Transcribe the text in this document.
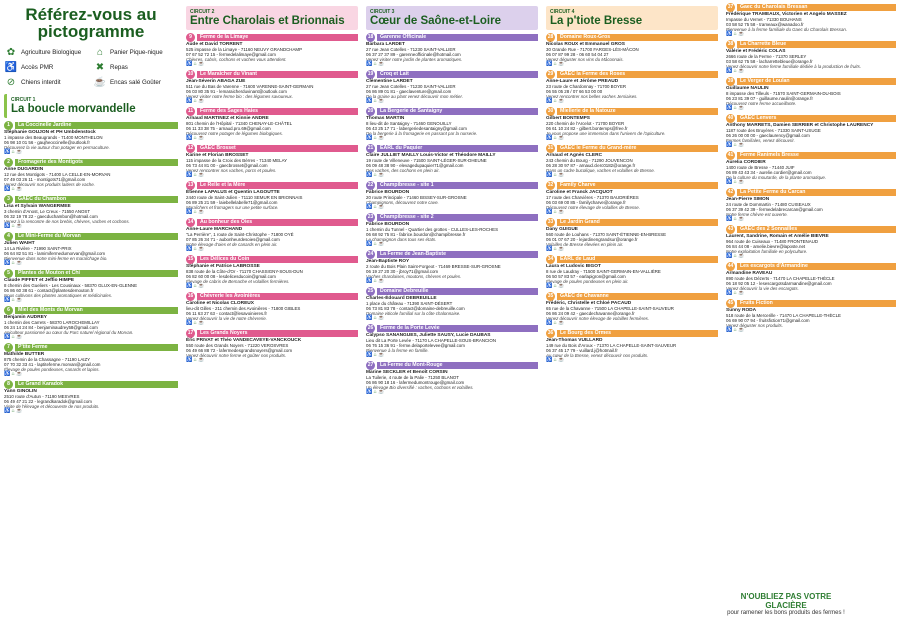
Référez-vous au pictogramme
✿ Agriculture Biologique	⌂	Panier Pique-nique
♿ Accès PMR	✖ Repas
⊘ Chiens interdit	☕ Encas salé Goûter
CIRCUIT 1
La boucle morvandelle
1	La Coccinelle Jardine
Stéphanie GOUJON et PH Umbdenstock
1 impasse des Beaugrands - 71400 MONTHELON
06 98 10 01 56 - gaujheoccinelle@outlook.fr
Découvrez la vie autour d'un potager en permaculture.
♿ ⌂ ☕
2	Fromagerie des Montigots
Anne DUGARDIN
12 rue des Montigots - 71400 LA CELLE-EN-MORVAN
07 49 03 26 11 - montigots71@gmail.com
Venez découvrir nos produits laitiers de vache.
♿ ⌂ ☕
3	GAEC du Chambon
Lisa et Sylvain WANGERMEE
3 chemin d'Anost, Le Creux - 71550 ANOST
06 32 19 78 22 - gaecduchambon@hotmail.com
Venez à la rencontre de nos brebis, chèvres, vaches et cochons.
♿ ⌂ ☕
4	Le Mini-Ferme du Morvan
Julien WAIHT
14 La Rivière - 71990 SAINT-PRIX
06 64 82 51 81 - lamimifermedumorvan@gmail.com
Bienvenue dans notre mini-ferme en maraîchage bio.
♿ ⌂ ☕
5	Plantes de Mouton et Chi
Claude PIFFET et Jeffio HIMPE
8 chemin des Gueliers - Les Cousinaux - 58370 GLUX-EN-GLENNE
06 86 60 38 61 - contact@plantesdemouton.fr
Nous cultivons des plantes aromatiques et médicinales.
♿ ⌂ ☕
6	Miel des Monts du Morvan
Benjamin AUDREY
1 chemin des Carrets - 58370 LAROCHEMILLAY
06 24 14 24 84 - benjaminaudrey58@gmail.com
Apiculteur passionné au cœur du Parc naturel régional du Morvan.
♿ ⌂ ☕
7	P'tite Ferme
Mathilde BUTTER
875 chemin de la Chassagne - 71190 LAIZY
07 70 32 33 41 - laptiteferme.morvan@gmail.com
Élevage de poules pondeuses, canards et lapins.
♿ ⌂ ☕
8	Le Grand Karadok
Yann GINOLIN
2510 route d'Autun - 71190 MESVRES
06 49 47 21 22 - legrandkaradok@gmail.com
Visite de l'élevage et découverte de nos produits.
♿ ⌂ ☕
CIRCUIT 2
Entre Charolais et Brionnais
9	Ferme de la Limaye
Aude et David TORRENT
525 impasse de la Limaye - 71160 NEUVY GRANDCHAMP
07 67 52 72 15 - fermedelalimaye@gmail.com
Chèvres, cabris, cochons et vaches vous attendent.
♿ ⌂ ☕
10	Le Maraîcher du Vinant
Jean-Séverin ABAGA ZUE
511 rue du Bas de Varenne - 71600 VARENNE-SAINT-GERMAIN
06 03 80 35 91 - lemaraicherduvinant@outlook.com
Venez visiter notre ferme bio : des légumes savoureux.
♿ ⌂ ☕
11	Ferme des Sages Haies
Arnaud MARTINEZ et Kinnie ANDRE
801 chemin de l'Hôpital - 71340 CHENAY-LE-CHÂTEL
06 11 33 38 75 - arnaud.pro.69@gmail.com
Découvrez notre potager de légumes biologiques.
♿ ⌂ ☕
12	GAEC Brosset
Karine et Florian BROSSET
115 impasse de la Croix des Bèrres - 71340 MELAY
06 73 44 81 00 - gaecbrosset@gmail.com
Venez rencontrer nos vaches, porcs et poules.
♿ ⌂ ☕
13	Le Relle et la Mère
Étienne LAPALUS et Quentin LAGOUTTE
2440 route de Saint-Julien - 71110 SEMUR EN BRIONNAIS
06 89 25 21 59 - laiebellelabelle71@gmail.com
Maraîchers et fromagers sur une petite surface.
♿ ⌂ ☕
14	Au bonheur des Oies
Anne-Laure MARCHAND
"La Perrière", 1 route de Saint-Christophe - 71800 OYÉ
07 85 26 34 71 - aubonheurdesoies@gmail.com
Notre élevage d'oies et de canards en plein air.
♿ ⌂ ☕
15	Les Délices du Coin
Stéphanie et Patrice LABROSSE
838 route de la Côte-d'Or - 71170 CHASSIGNY-SOUS-DUN
06 82 60 00 08 - lesdelicesducoin@gmail.com
Élevage de cabris de Bernache et volailles fermières.
♿ ⌂ ☕
16	Chèvrerie les Avoinières
Caroline et Nicolas CLOREUX
lieu-dit Gilles - 211 chemin des Avoinières - 71800 GIBLES
06 11 63 27 63 - contact@lesavoinieres.fr
Venez découvrir la vie de notre chèvrerie.
♿ ⌂ ☕
17	Les Grands Noyers
Éric PRIVAT et Théo VANDECAVEYE-VANCKOUCK
550 route des Grands Noyers - 71220 VEROSVRES
06 49 66 88 72 - lafermedesgrandsnoyers@gmail.com
Venez découvrir notre ferme et goûter nos produits.
♿ ⌂ ☕
CIRCUIT 3
Cœur de Saône-et-Loire
18	Garenne Officinale
Barbara LARDET
27 rue Jean Cotelles - 71230 SAINT-VALLIER
06 37 27 37 89 - garenneofficinale@hotmail.com
Venez visiter notre jardin de plantes aromatiques.
♿ ⌂ ☕
19	Croq et Lait
Clémentine LARDET
27 rue Jean Cotelles - 71230 SAINT-VALLIER
06 86 89 01 81 - gaeclaventure@gmail.com
De la graine au plant venez découvrir mon métier.
♿ ⌂ ☕
20	La Bergerie de Santaigny
Thomas MARTIN
8 lieu-dit de Santaigny - 71460 GENOUILLY
06 43 25 17 71 - labergeriedesantaigny@gmail.com
De la bergerie à la fromagerie en passant par la nurserie.
♿ ⌂ ☕
21	EARL du Paquier
Claire JULLIET MAILLY Louis-Victor et Théodore MAILLY
19 route de Villeneuve - 71500 SAINT-LÉGER-SUR-DHEUNE
06 09 48 38 90 - elevagedupaquier71@gmail.com
Des vaches, des cochons en plein air.
♿ ⌂ ☕
22	Champibresse - site 1
Fabrice BOURDON
20 route Principale - 71460 BISSEY-SUR-GROSNE
Champignons, découvrez notre cave.
♿ ⌂ ☕
23	Champibresse - site 2
Fabrice BOURDON
1 chemin du Tunnel - Quartier des grottes - CULLES-LES-ROCHES
06 68 92 75 81 - fabrice.bourdon@champibresse.fr
Le champignon dans tous ses états.
♿ ⌂ ☕
24	La Ferme de Jean-Baptiste
Jean-Baptiste ROY
2 route du Bois Plain Saint-Forgeot - 71469 BRESSE-SUR-GROSNE
06 19 27 20 30 - jbroy71@gmail.com
Vaches charolaises, moutons, chèvres et poules.
♿ ⌂ ☕
25	Domaine Debreuille
Charles-Édouard DEBREUILLE
1 place du château - 71390 SAINT-DÉSERT
06 73 81 83 78 - contact@domaine-debreuille.com
Domaine viticole familial sur la côte chalonnaise.
♿ ⌂ ☕
26	Ferme de la Porte Levée
Calypso SANANGUES, Juliette SAUSY, Lucie DAUBAS
Lieu dit La Porte Levée - 71170 LA CHAPELLE-SOUS-BRANCION
06 76 15 36 91 - ferme.delaportelevee@gmail.com
Bienvenue à la ferme en famille.
♿ ⌂ ☕
27	La Ferme du Mont-Rouge
Marine SECKLER et Benoît CORSIN
La Tuilerie, 4 route de la Palie - 71250 BLANOT
06 86 90 18 16 - lafermedumontrouge@gmail.com
Un élevage Bio diversifié : vaches, cochons et volailles.
♿ ⌂ ☕
CIRCUIT 4
La p'tiote Bresse
28	Domaine Roux-Gros
Nicolas ROUX et Emmanuel GROS
30 Grande Rue - 71700 FARGES-LÈS-MÂCON
06 07 87 99 28 - 06 60 54 04 27
Venez déguster nos vins du Mâconnais.
♿ ⌂ ☕
29	GAEC la Ferme des Roses
Anne-Laure et Jérôme PREAUD
23 route de Chardonnay - 71700 BOYER
06 55 05 28 / 07 66 53 00 00
Venez rencontrer nos belles vaches Jersiaises.
♿ ⌂ ☕
30	Miellerie de la Natouze
Gilbert BONTEMPS
220 chemin de l'Arcelot - 71700 BOYER
06 61 10 24 82 - gilbert.bontemps@free.fr
Je vous propose une immersion dans l'univers de l'apiculture.
♿ ⌂ ☕
31	GAEC le Ferme du Grand-mère
Arnaud et Agnès CLERC
243 chemin du Bourg - 71290 JOUVENCON
06 28 30 97 87 - arnaud.clerc0182@orange.fr
Dans un cadre bucolique, vaches et volailles de Bresse.
♿ ⌂ ☕
32	Family Charve
Caroline et Franck JACQUOT
17 route des Charvières - 71370 BAUDRIÈRES
06 03 69 00 85 - familycharve@orange.fr
Découvrez notre élevage de volailles de Bresse.
♿ ⌂ ☕
33	Le Jardin Grand
Dany GUIGUE
560 route de Louhans - 71370 SAINT-ÉTIENNE-EN-BRESSE
06 01 07 67 20 - lejardinengrandsur@orange.fr
Volailles de Bresse élevées en plein air.
♿ ⌂ ☕
34	EARL de Laud
Laura et Ludovic BIGOT
8 rue de Laudray - 71500 SAINT-GERMAIN-EN-VALLIÈRE
06 50 57 83 57 - earlapigron@gmail.com
Élevage de poules pondeuses en plein air.
♿ ⌂ ☕
35	GAEC de Chavanne
Frédéric, Christelle et Chloé PACAUD
65 rue de la Chavanne - 71500 LA CHAPELLE-SAINT-SAUVEUR
06 86 24 09 42 - gaecdechavanne@orange.fr
Venez découvrir notre élevage de volailles fermières.
♿ ⌂ ☕
36	Le Bourg des Ormes
Jean-Thomas VUILLARD
149 rue du Bois d'Aroux - 71370 LA CHAPELLE-SAINT-SAUVEUR
06 37 45 17 79 - vuillard.j@hotmail.fr
Au cœur de la Bresse, venez découvrir nos produits.
♿ ⌂ ☕
37	Gaec du Charolais Bressan
Frédérique TRAMEAUX, Victorien et Angelo MASSEZ
Impasse du Vernet - 71330 BOUHANS
03 58 52 75 58 - trameaux@wanadoo.fr
Bienvenue à la ferme familiale du Gaec du Charolais Bressan.
♿ ⌂ ☕
38	La Charrette Bleue
Valérie et Frédéric COLAS
2666 route de la Ferme - 71370 SERLEY
03 58 62 75 58 - lacharrettebleue@orange.fr
Venez découvrir notre ferme familiale dédiée à la production de fruits.
♿ ⌂ ☕
39	Le Verger de Loulan
Guillaume NAULIN
8 impasse des Tilleuls - 71570 SAINT-GERMAIN-DU-BOIS
06 23 81 39 07 - guillaume.naulin@orange.fr
Découvrez notre ferme accueillante.
♿ ⌂ ☕
40	GAEC Lenvers
Anthony MARRETS, Damien SERRIER et Christophe LAURENCY
1187 route des Bruyères - 71330 SAINT-USUGE
06 26 00 00 00 - gaeclaurency@gmail.com
Fermes familiales, venez découvrir.
♿ ⌂ ☕
41	Ferme Ranimels Bresse
Aurelia CORDIER
1400 route de Bresse - 71440 JUIF
06 89 43 43 34 - aurelie.cordier@gmail.com
De la culture du moutarde, de la plante aromatique.
♿ ⌂ ☕
42	La Petite Ferme du Carcan
Jean-Pierre SIMON
24 route de Dommartin - 71480 CUISEAUX
06 37 39 42 39 - fermedelabrecarcan@gmail.com
Notre ferme chèvre est ouverte.
♿ ⌂ ☕
43	GAEC des 2 Sonnailles
Laurent, Sandrine, Romain et Amélie BIEVRE
964 route de Cuiseaux - 71480 FRONTENAUD
06 84 44 08 - amelie.bievre@laposte.net
Notre exploitation familiale en polyculture.
♿ ⌂ ☕
44	Les escargots d'Armandine
Armandine RAVEAU
890 route des Dézerts - 71470 LA CHAPELLE-THÈCLE
06 18 92 05 12 - lesescargotsdarmandine@gmail.com
Venez découvrir la vie des escargots.
♿ ⌂ ☕
45	Fruits Fiction
Sunny RODA
518 route de la Mercerille - 71470 LA CHAPELLE-THÈCLE
06 69 90 07 94 - fruitsfiction71@gmail.com
Venez déguster nos produits.
♿ ⌂ ☕
N'OUBLIEZ PAS VOTRE GLACIÈRE
pour ramener les bons produits des fermes !
